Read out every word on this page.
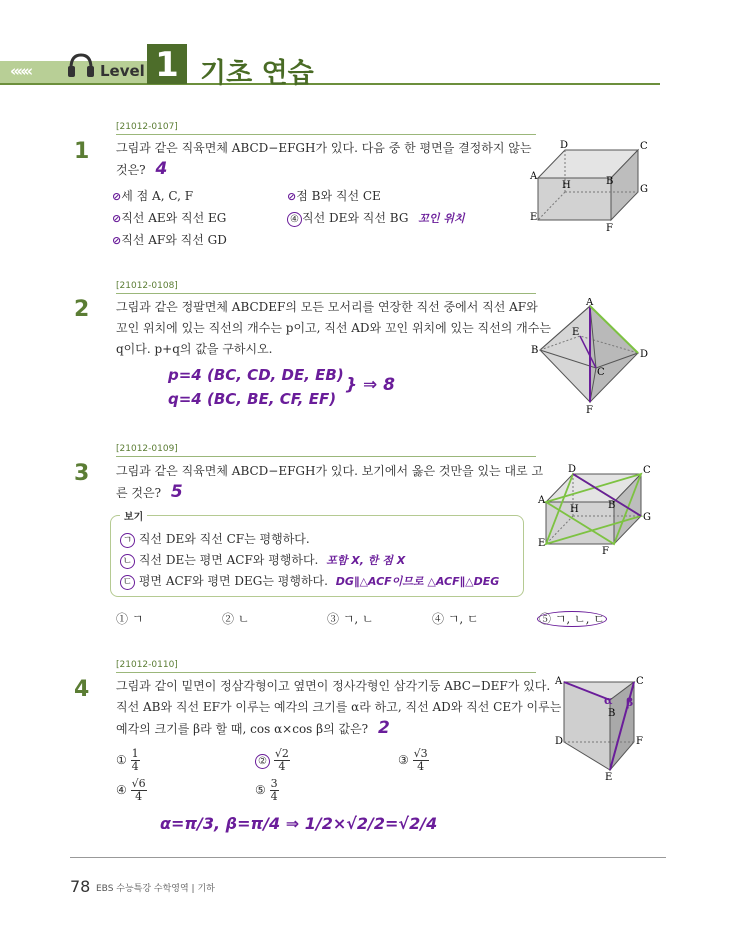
«««	Level 1 기초 연습
[21012-0107]
1 그림과 같은 직육면체 ABCD−EFGH가 있다. 다음 중 한 평면을 결정하지 않는
것은? 4
⊘세 점 A, C, F	⊘점 B와 직선 CE
⊘직선 AE와 직선 EG	④ 직선 DE와 직선 BG 꼬인 위치
⊘직선 AF와 직선 GD
D	C
A
H	B
G
E
F
[21012-0108]
2 그림과 같은 정팔면체 ABCDEF의 모든 모서리를 연장한 직선 중에서 직선 AF와
꼬인 위치에 있는 직선의 개수는 p이고, 직선 AD와 꼬인 위치에 있는 직선의 개수는
q이다. p+q의 값을 구하시오.
p=4 (BC, CD, DE, EB)
q=4 (BC, BE, CF, EF)
} ⇒ 8
A
E
B	D
C
F
[21012-0109]
3 그림과 같은 직육면체 ABCD−EFGH가 있다. 보기에서 옳은 것만을 있는 대로 고
른 것은? 5
보기
ㄱ 직선 DE와 직선 CF는 평행하다.
ㄴ 직선 DE는 평면 ACF와 평행하다. 포함 X, 한 점 X
ㄷ 평면 ACF와 평면 DEG는 평행하다. DG∥△ACF이므로 △ACF∥△DEG
① ㄱ	② ㄴ	③ ㄱ, ㄴ	④ ㄱ, ㄷ	⑤ ㄱ, ㄴ, ㄷ
D	C
A
H	B
G
E
F
[21012-0110]
4 그림과 같이 밑면이 정삼각형이고 옆면이 정사각형인 삼각기둥 ABC−DEF가 있다.
직선 AB와 직선 EF가 이루는 예각의 크기를 α라 하고, 직선 AD와 직선 CE가 이루는
예각의 크기를 β라 할 때, cos α×cos β의 값은? 2
① $\frac{1}{4}$	② $\frac{√2}{4}$	③ $\frac{√3}{4}$
④ $\frac{√6}{4}$	⑤ $\frac{3}{4}$
α=π/3, β=π/4 ⇒ 1/2×√2/2=√2/4
A	C
B
D	F
E
α β
78 EBS 수능특강 수학영역 | 기하
